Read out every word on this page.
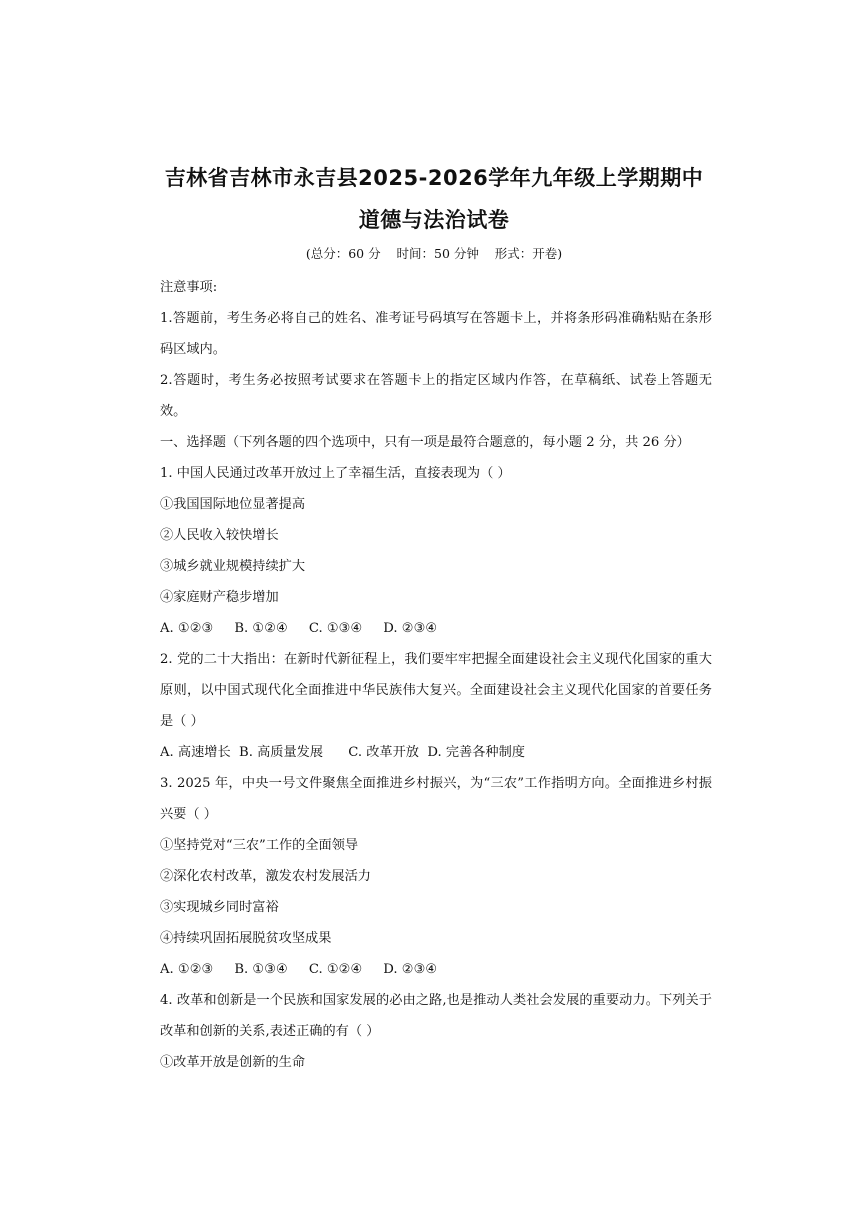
吉林省吉林市永吉县2025-2026学年九年级上学期期中
道德与法治试卷
(总分：60 分    时间：50 分钟    形式：开卷)
注意事项:
1.答题前，考生务必将自己的姓名、准考证号码填写在答题卡上，并将条形码准确粘贴在条形码区域内。
2.答题时，考生务必按照考试要求在答题卡上的指定区域内作答，在草稿纸、试卷上答题无效。
一、选择题（下列各题的四个选项中，只有一项是最符合题意的，每小题 2 分，共 26 分）
1. 中国人民通过改革开放过上了幸福生活，直接表现为（ ）
①我国国际地位显著提高
②人民收入较快增长
③城乡就业规模持续扩大
④家庭财产稳步增加
A. ①②③     B. ①②④     C. ①③④     D. ②③④
2. 党的二十大指出：在新时代新征程上，我们要牢牢把握全面建设社会主义现代化国家的重大原则，以中国式现代化全面推进中华民族伟大复兴。全面建设社会主义现代化国家的首要任务是（ ）
A. 高速增长  B. 高质量发展      C. 改革开放  D. 完善各种制度
3. 2025 年，中央一号文件聚焦全面推进乡村振兴，为“三农”工作指明方向。全面推进乡村振兴要（ ）
①坚持党对“三农”工作的全面领导
②深化农村改革，激发农村发展活力
③实现城乡同时富裕
④持续巩固拓展脱贫攻坚成果
A. ①②③     B. ①③④     C. ①②④     D. ②③④
4. 改革和创新是一个民族和国家发展的必由之路,也是推动人类社会发展的重要动力。下列关于改革和创新的关系,表述正确的有（ ）
①改革开放是创新的生命
